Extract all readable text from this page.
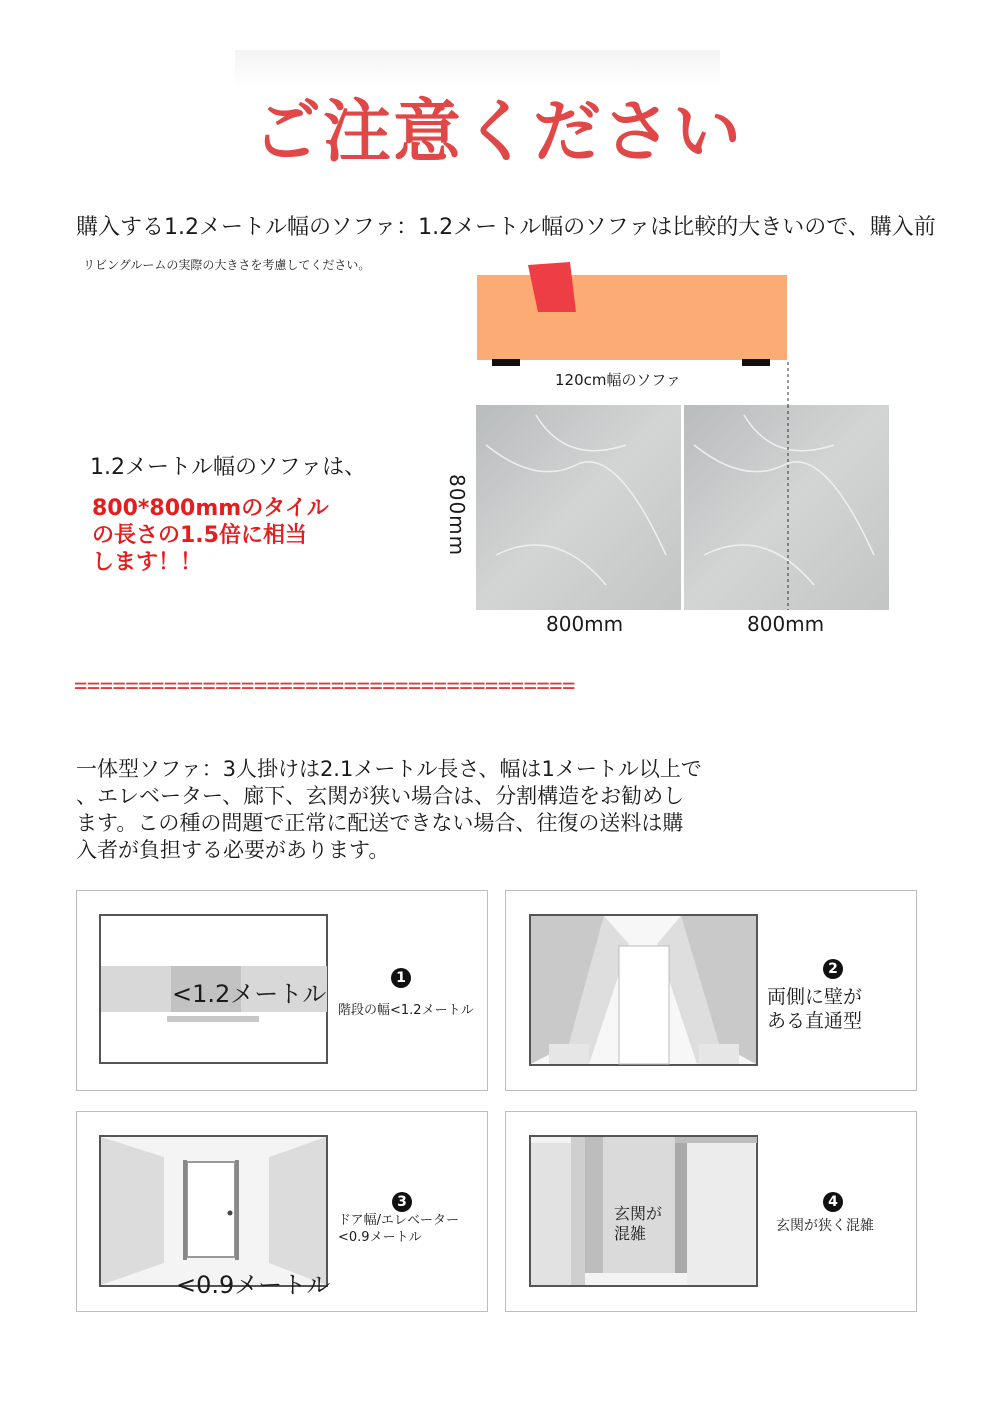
ご注意ください
購入する1.2メートル幅のソファ：1.2メートル幅のソファは比較的大きいので、購入前
リビングルームの実際の大きさを考慮してください。
1.2メートル幅のソファは、
800*800mmのタイル
の長さの1.5倍に相当
します！！
120cm幅のソファ
800mm
800mm	800mm
=======================================
一体型ソファ：3人掛けは2.1メートル長さ、幅は1メートル以上で
、エレベーター、廊下、玄関が狭い場合は、分割構造をお勧めし
ます。この種の問題で正常に配送できない場合、往復の送料は購
入者が負担する必要があります。
<1.2メートル
1
階段の幅<1.2メートル
2
両側に壁が
ある直通型
<0.9メートル
3
ドア幅/エレベーター
<0.9メートル
玄関が
混雑
4
玄関が狭く混雑
